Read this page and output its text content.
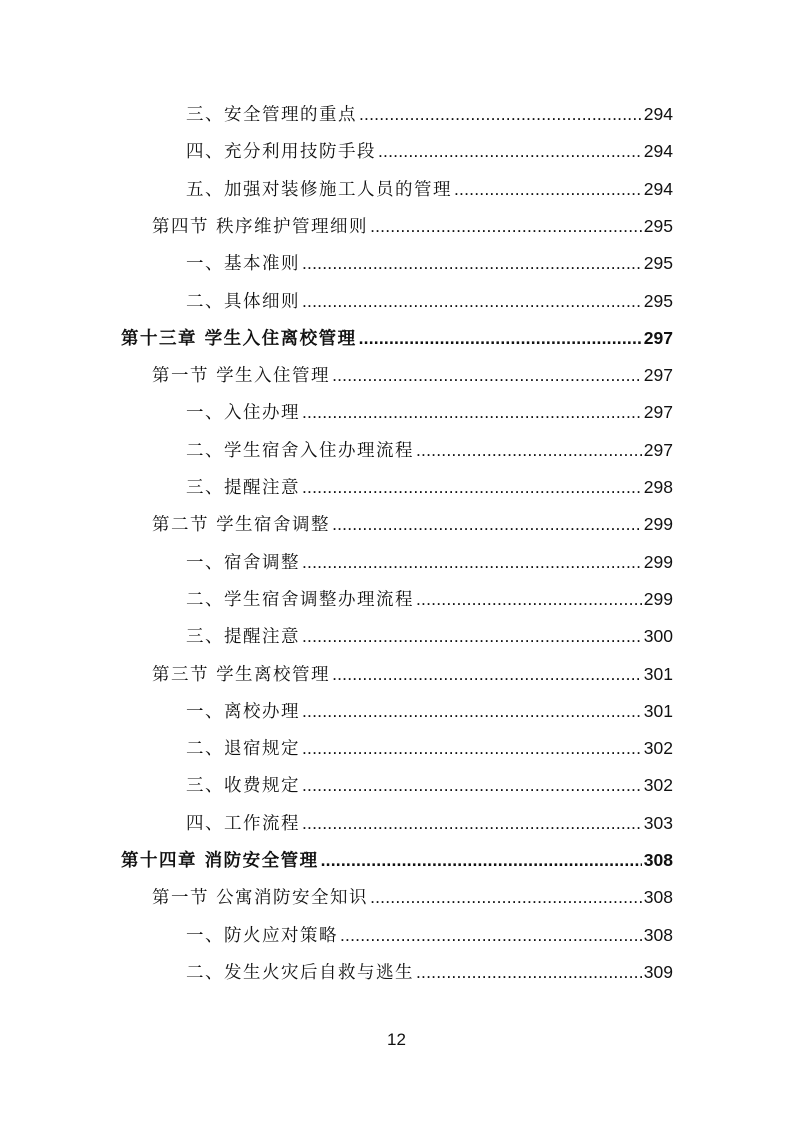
三、安全管理的重点 .....	294
四、充分利用技防手段 .....	294
五、加强对装修施工人员的管理 .....	294
第四节 秩序维护管理细则 .....	295
一、基本准则 .....	295
二、具体细则 .....	295
第十三章 学生入住离校管理 .....	297
第一节 学生入住管理 .....	297
一、入住办理 .....	297
二、学生宿舍入住办理流程 .....	297
三、提醒注意 .....	298
第二节 学生宿舍调整 .....	299
一、宿舍调整 .....	299
二、学生宿舍调整办理流程 .....	299
三、提醒注意 .....	300
第三节 学生离校管理 .....	301
一、离校办理 .....	301
二、退宿规定 .....	302
三、收费规定 .....	302
四、工作流程 .....	303
第十四章 消防安全管理 .....	308
第一节 公寓消防安全知识 .....	308
一、防火应对策略 .....	308
二、发生火灾后自救与逃生 .....	309
12
